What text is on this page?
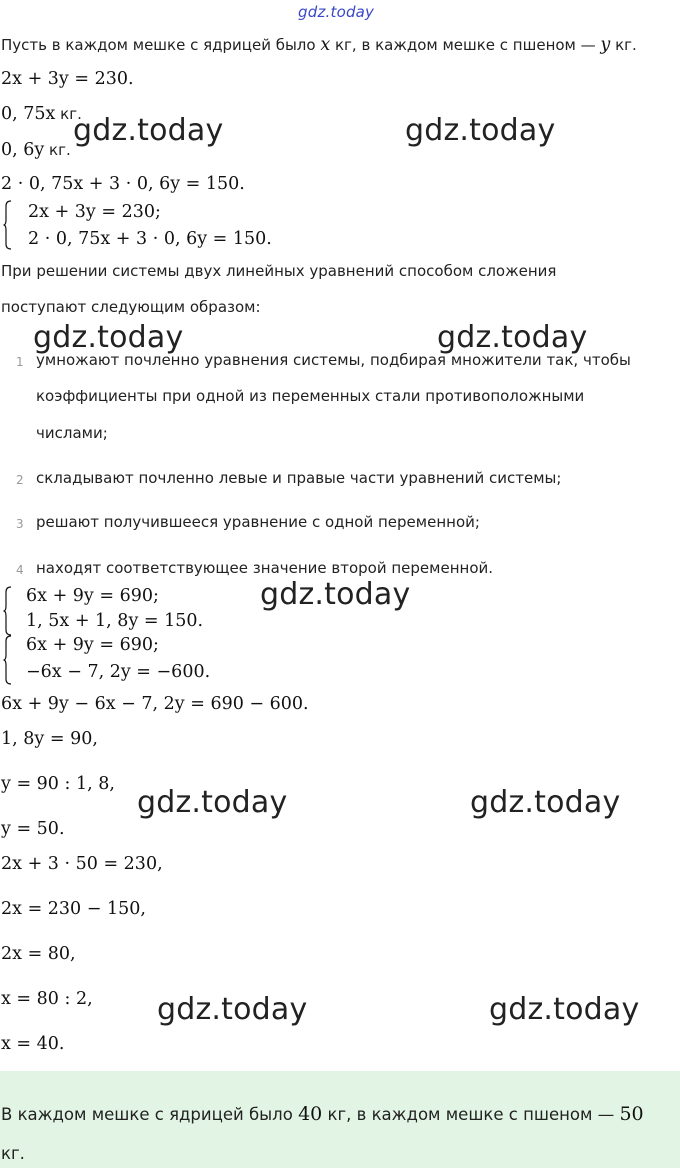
gdz.today
Пусть в каждом мешке с ядрицей было x кг, в каждом мешке с пшеном — y кг.
2x + 3y = 230.
0, 75x кг.
0, 6y кг.
2 · 0, 75x + 3 · 0, 6y = 150.
2x + 3y = 230;
2 · 0, 75x + 3 · 0, 6y = 150.
При решении системы двух линейных уравнений способом сложения
поступают следующим образом:
1 умножают почленно уравнения системы, подбирая множители так, чтобы
коэффициенты при одной из переменных стали противоположными
числами;
2 складывают почленно левые и правые части уравнений системы;
3 решают получившееся уравнение с одной переменной;
4 находят соответствующее значение второй переменной.
6x + 9y = 690;
1, 5x + 1, 8y = 150.
6x + 9y = 690;
−6x − 7, 2y = −600.
6x + 9y − 6x − 7, 2y = 690 − 600.
1, 8y = 90,
y = 90 : 1, 8,
y = 50.
2x + 3 · 50 = 230,
2x = 230 − 150,
2x = 80,
x = 80 : 2,
x = 40.
В каждом мешке с ядрицей было 40 кг, в каждом мешке с пшеном — 50
кг.
gdz.today	gdz.today
gdz.today	gdz.today
gdz.today
gdz.today	gdz.today
gdz.today	gdz.today
